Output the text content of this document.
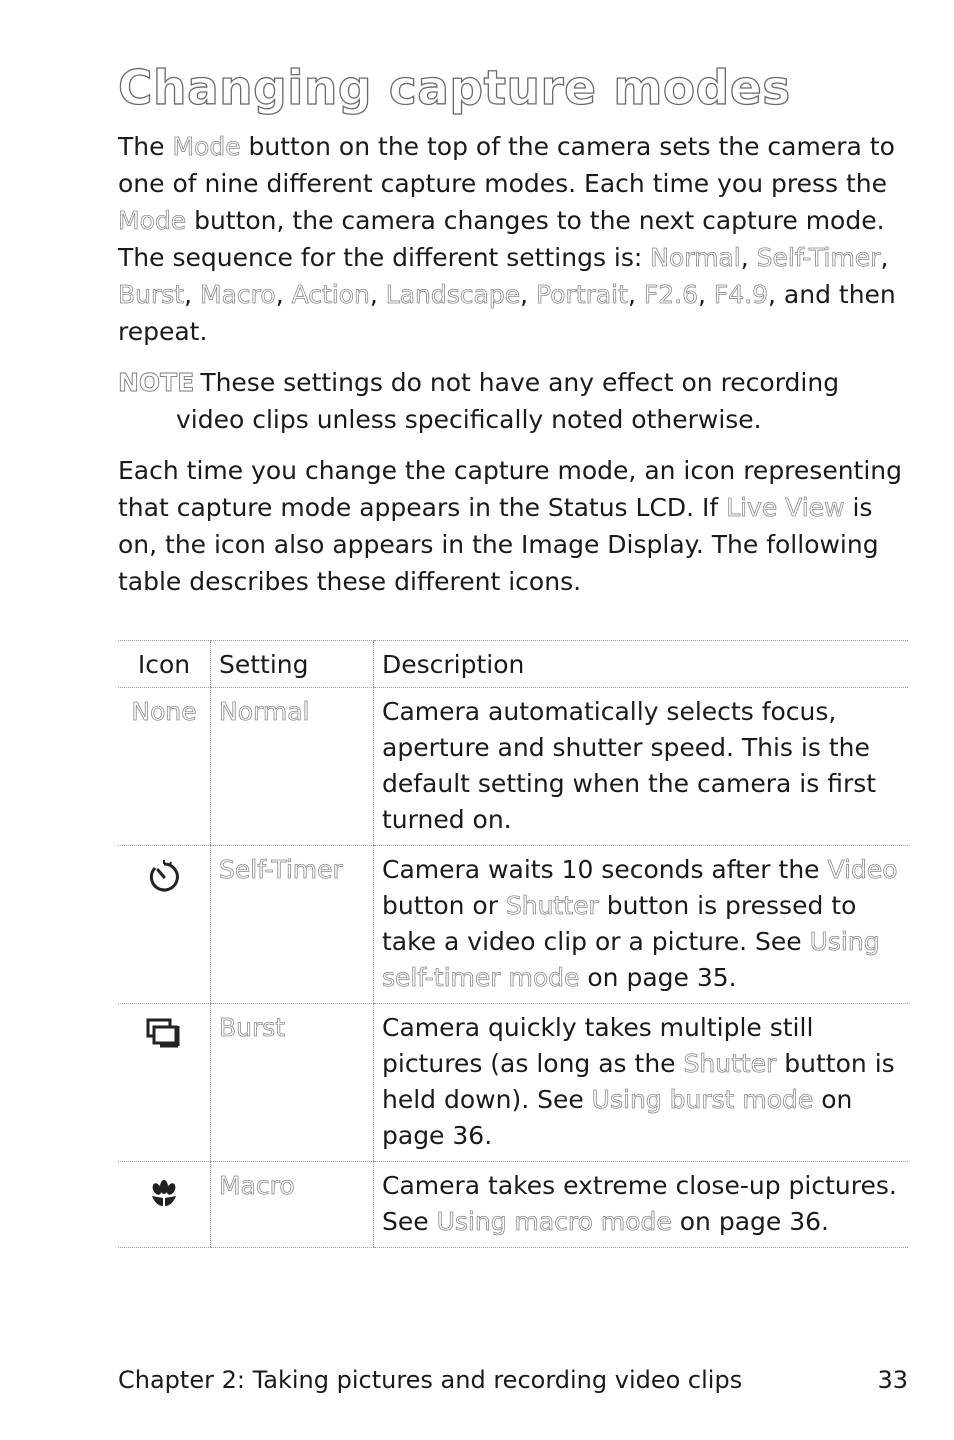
Changing capture modes

The Mode button on the top of the camera sets the camera to one of nine different capture modes. Each time you press the Mode button, the camera changes to the next capture mode. The sequence for the different settings is: Normal, Self-Timer, Burst, Macro, Action, Landscape, Portrait, F2.6, F4.9, and then repeat.

NOTE These settings do not have any effect on recording video clips unless specifically noted otherwise.

Each time you change the capture mode, an icon representing that capture mode appears in the Status LCD. If Live View is on, the icon also appears in the Image Display. The following table describes these different icons.

Icon	Setting	Description
None	Normal	Camera automatically selects focus, aperture and shutter speed. This is the default setting when the camera is first turned on.
	Self-Timer	Camera waits 10 seconds after the Video button or Shutter button is pressed to take a video clip or a picture. See Using self-timer mode on page 35.
	Burst	Camera quickly takes multiple still pictures (as long as the Shutter button is held down). See Using burst mode on page 36.
	Macro	Camera takes extreme close-up pictures. See Using macro mode on page 36.
Chapter 2: Taking pictures and recording video clips	33
